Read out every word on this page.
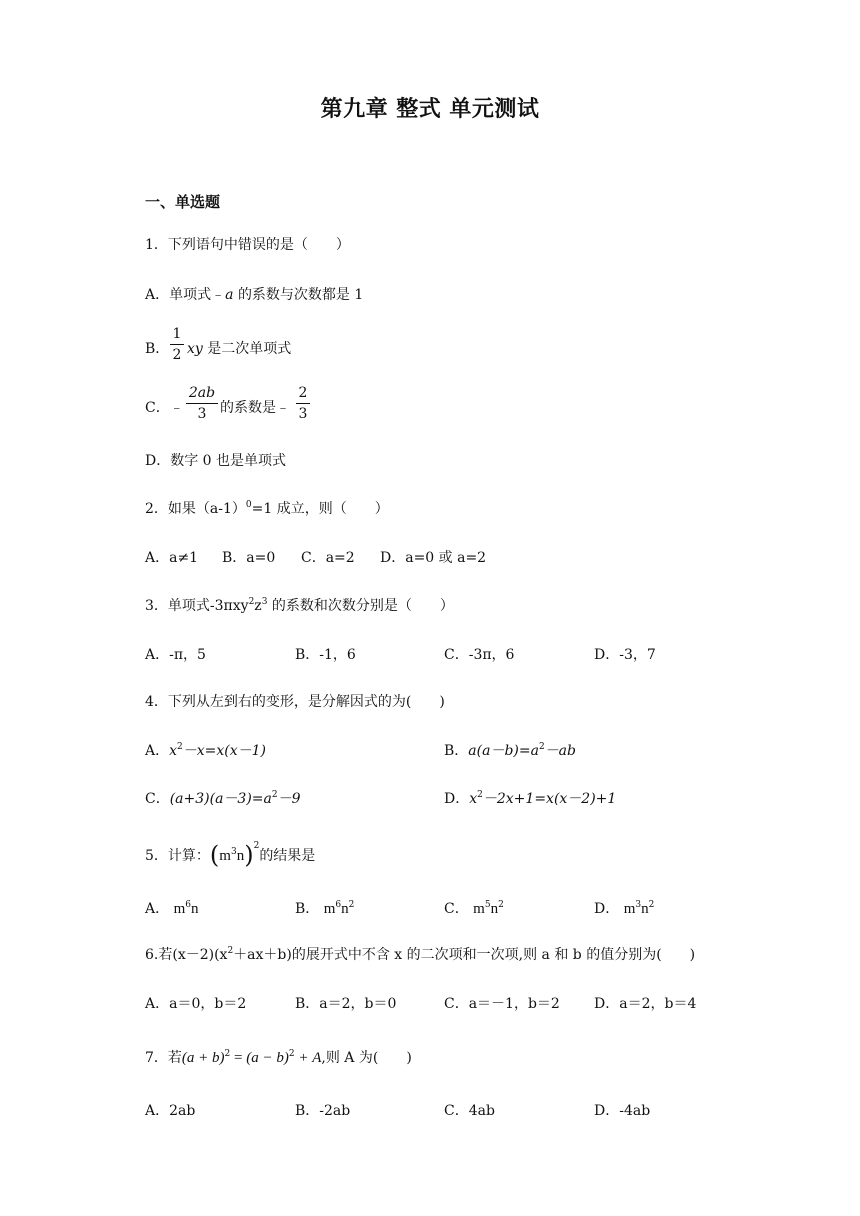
第九章 整式 单元测试
一、单选题
1．下列语句中错误的是（　　）
A．单项式﹣a 的系数与次数都是 1
B．
1
2 xy 是二次单项式
C．﹣
2ab
3 的系数是﹣
2
3
D．数字 0 也是单项式
2．如果$(a-1)^0=1$ 成立，则（　　）
A．a≠1 B．a=0 C．a=2 D．a=0 或 a=2
3．单项式$-3\pi xy^2z^3$ 的系数和次数分别是（　　）
A．-π，5	B．-1，6	C．-3π，6	D．-3，7
4．下列从左到右的变形，是分解因式的为(　　)
A．$x^2-x=x(x-1)$	B．$a(a-b)=a^2-ab$
C．$(a+3)(a-3)=a^2-9$	D．$x^2-2x+1=x(x-2)+1$
5．计算：$(m^3n)^2$的结果是
A． $m^6n$	B． $m^6n^2$	C． $m^5n^2$	D． $m^3n^2$
6.若$(x-2)(x^2+ax+b)$的展开式中不含 x 的二次项和一次项,则 a 和 b 的值分别为(　　)
A．a＝0，b＝2	B．a＝2，b＝0	C．a＝－1，b＝2 D．a＝2，b＝4
7．若$(a + b)^2 = (a - b)^2 + A$,则 A 为(　　)
A．2ab	B．-2ab	C．4ab	D．-4ab
